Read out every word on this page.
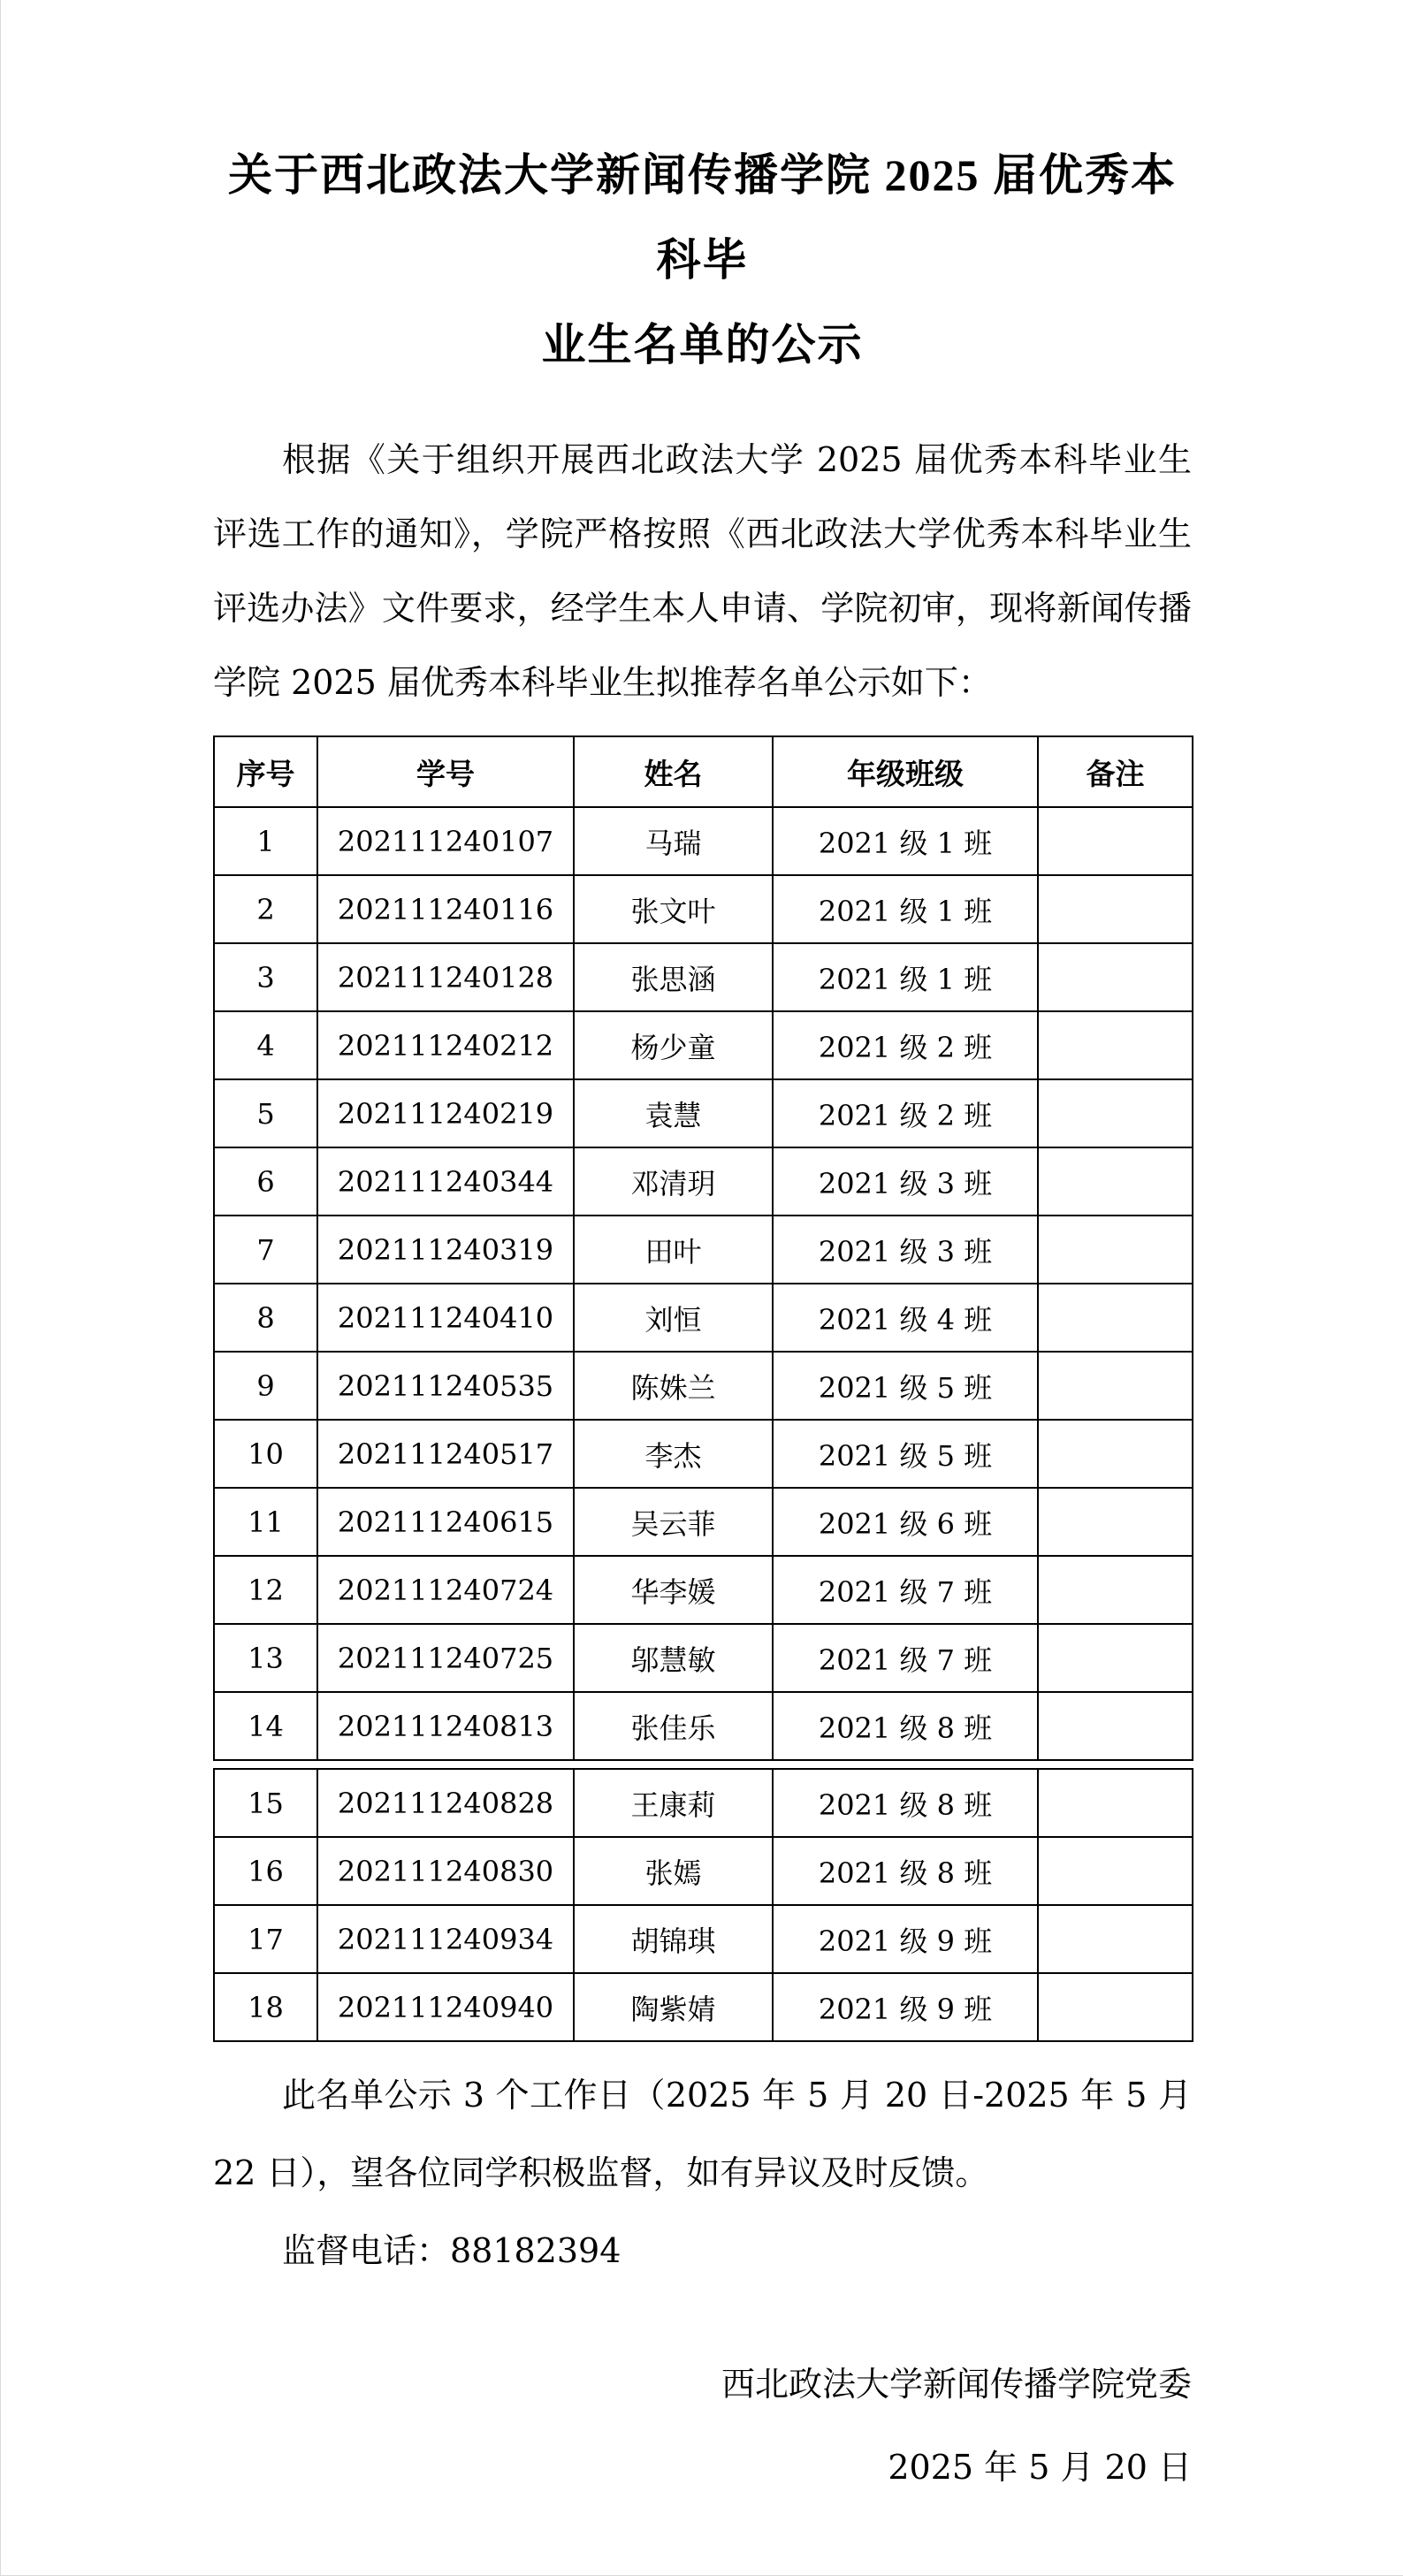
关于西北政法大学新闻传播学院 2025 届优秀本科毕
业生名单的公示

根据《关于组织开展西北政法大学 2025 届优秀本科毕业生评选工作的通知》，学院严格按照《西北政法大学优秀本科毕业生评选办法》文件要求，经学生本人申请、学院初审，现将新闻传播学院 2025 届优秀本科毕业生拟推荐名单公示如下：

序号	学号	姓名	年级班级	备注
1	202111240107	马瑞	2021 级 1 班	
2	202111240116	张文叶	2021 级 1 班	
3	202111240128	张思涵	2021 级 1 班	
4	202111240212	杨少童	2021 级 2 班	
5	202111240219	袁慧	2021 级 2 班	
6	202111240344	邓清玥	2021 级 3 班	
7	202111240319	田叶	2021 级 3 班	
8	202111240410	刘恒	2021 级 4 班	
9	202111240535	陈姝兰	2021 级 5 班	
10	202111240517	李杰	2021 级 5 班	
11	202111240615	吴云菲	2021 级 6 班	
12	202111240724	华李媛	2021 级 7 班	
13	202111240725	邬慧敏	2021 级 7 班	
14	202111240813	张佳乐	2021 级 8 班	
15	202111240828	王康莉	2021 级 8 班	
16	202111240830	张嫣	2021 级 8 班	
17	202111240934	胡锦琪	2021 级 9 班	
18	202111240940	陶紫婧	2021 级 9 班	

此名单公示 3 个工作日（2025 年 5 月 20 日-2025 年 5 月 22 日），望各位同学积极监督，如有异议及时反馈。

监督电话：88182394

西北政法大学新闻传播学院党委

2025 年 5 月 20 日
